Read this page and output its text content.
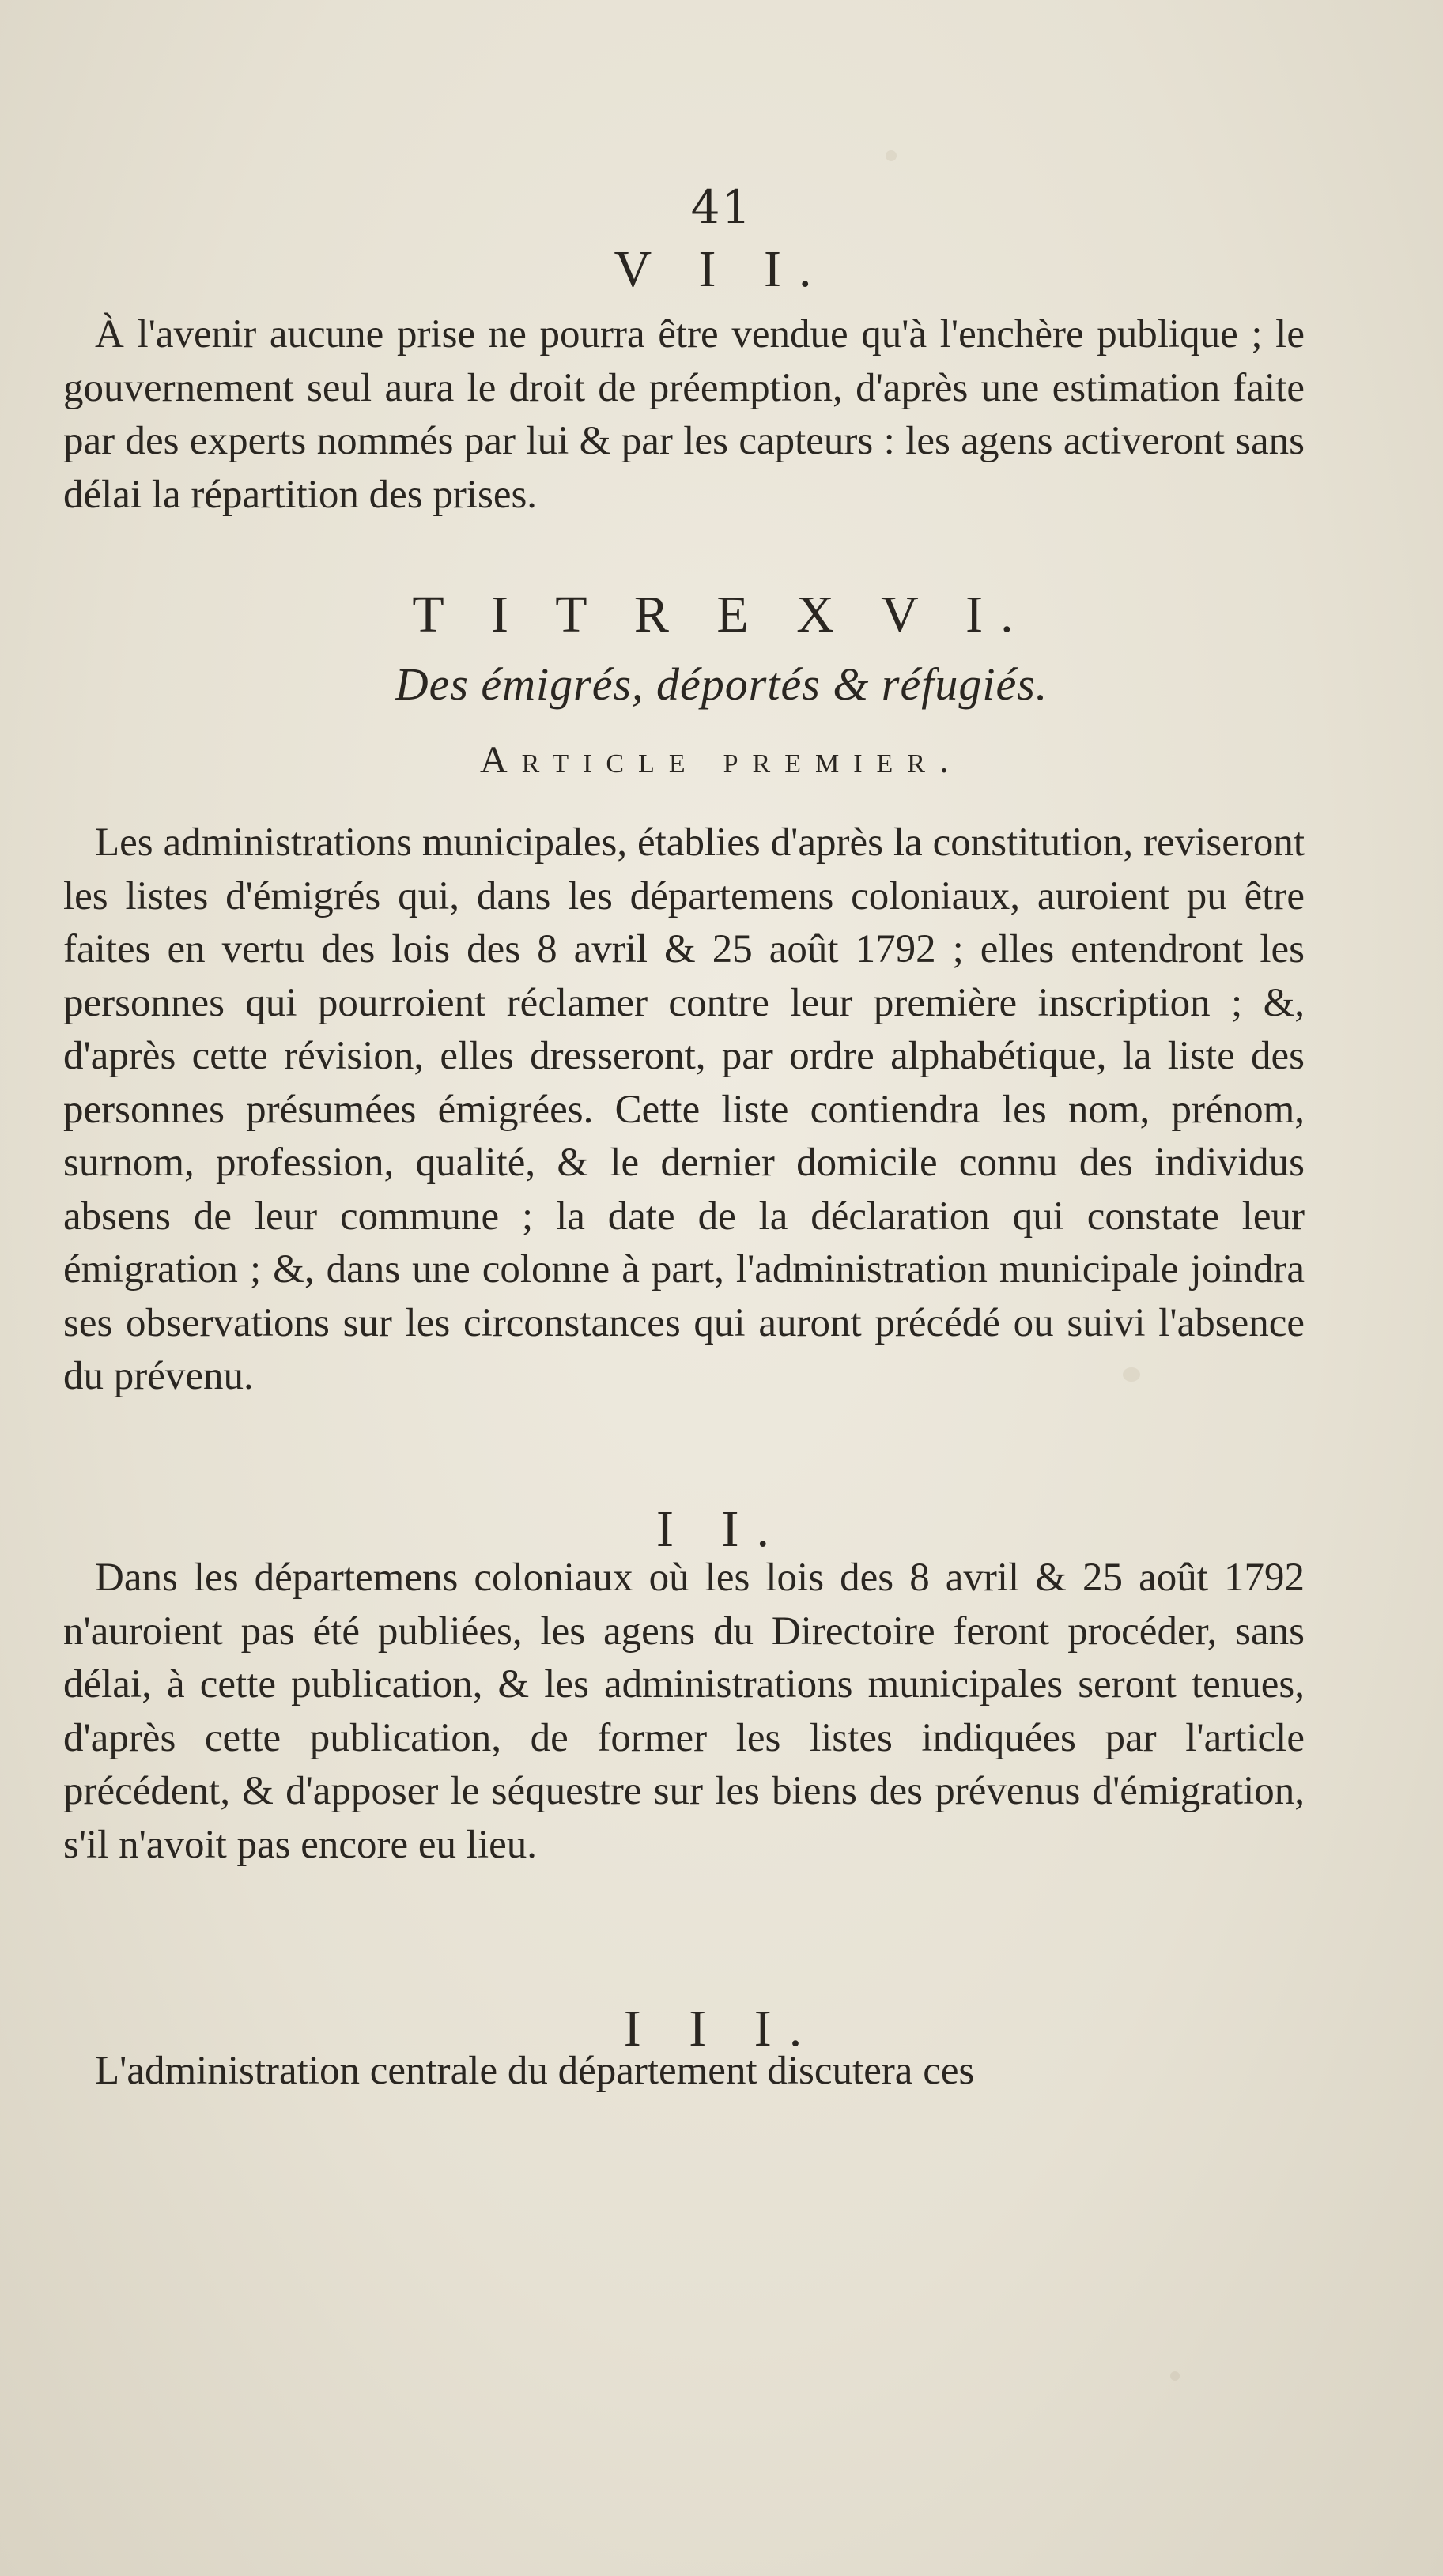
41
V I I.

À l'avenir aucune prise ne pourra être vendue qu'à l'enchère publique ; le gouvernement seul aura le droit de préemption, d'après une estimation faite par des experts nommés par lui & par les capteurs : les agens activeront sans délai la répartition des prises.

T I T R E X V I.
Des émigrés, déportés & réfugiés.
Article premier.

Les administrations municipales, établies d'après la constitution, reviseront les listes d'émigrés qui, dans les départemens coloniaux, auroient pu être faites en vertu des lois des 8 avril & 25 août 1792 ; elles entendront les personnes qui pourroient réclamer contre leur première inscription ; &, d'après cette révision, elles dresseront, par ordre alphabétique, la liste des personnes présumées émigrées. Cette liste contiendra les nom, prénom, surnom, profession, qualité, & le dernier domicile connu des individus absens de leur commune ; la date de la déclaration qui constate leur émigration ; &, dans une colonne à part, l'administration municipale joindra ses observations sur les circonstances qui auront précédé ou suivi l'absence du prévenu.

I I.

Dans les départemens coloniaux où les lois des 8 avril & 25 août 1792 n'auroient pas été publiées, les agens du Directoire feront procéder, sans délai, à cette publication, & les administrations municipales seront tenues, d'après cette publication, de former les listes indiquées par l'article précédent, & d'apposer le séquestre sur les biens des prévenus d'émigration, s'il n'avoit pas encore eu lieu.

I I I.

L'administration centrale du département discutera ces
